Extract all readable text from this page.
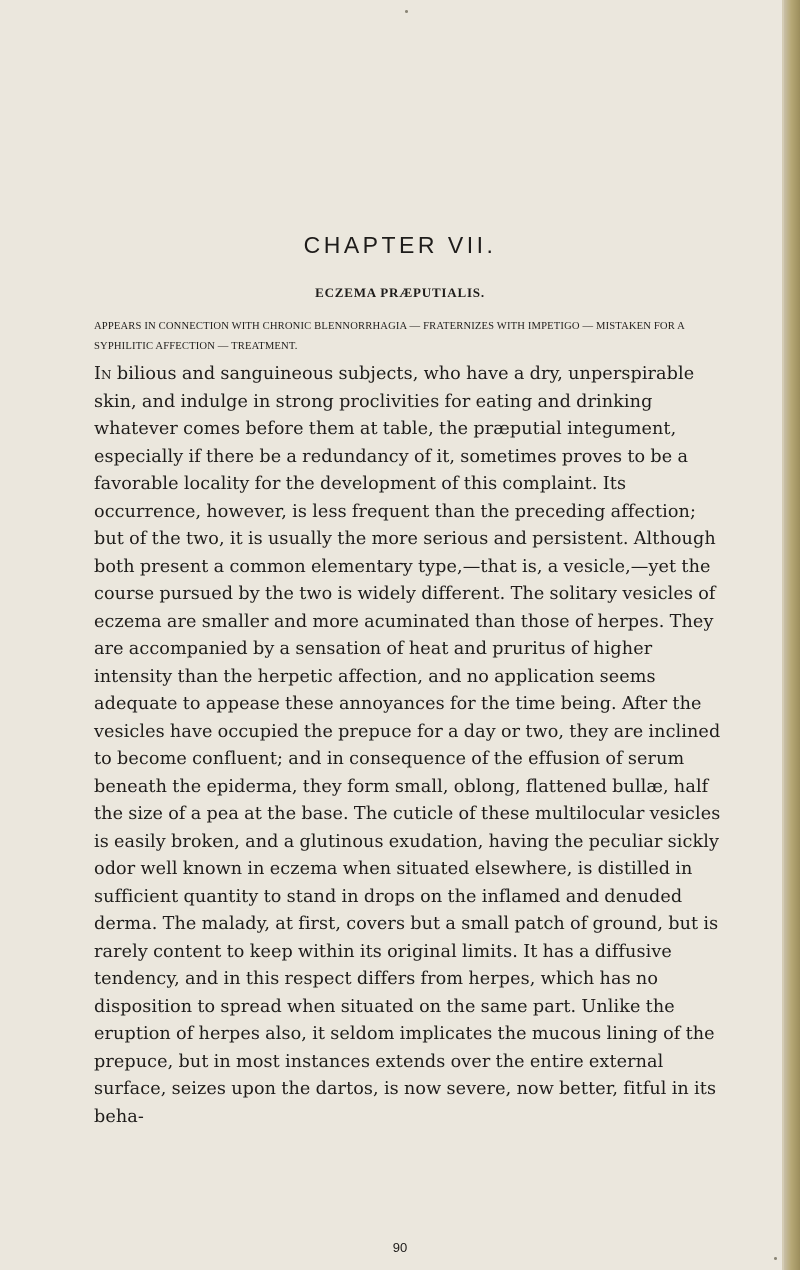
CHAPTER VII.
ECZEMA PRÆPUTIALIS.

APPEARS IN CONNECTION WITH CHRONIC BLENNORRHAGIA — FRATERNIZES WITH IMPETIGO — MISTAKEN FOR A SYPHILITIC AFFECTION — TREATMENT.

In bilious and sanguineous subjects, who have a dry, unperspirable skin, and indulge in strong proclivities for eating and drinking whatever comes before them at table, the præputial integument, especially if there be a redundancy of it, sometimes proves to be a favorable locality for the development of this complaint. Its occurrence, however, is less frequent than the preceding affection; but of the two, it is usually the more serious and persistent. Although both present a common elementary type,—that is, a vesicle,—yet the course pursued by the two is widely different. The solitary vesicles of eczema are smaller and more acuminated than those of herpes. They are accompanied by a sensation of heat and pruritus of higher intensity than the herpetic affection, and no application seems adequate to appease these annoyances for the time being. After the vesicles have occupied the prepuce for a day or two, they are inclined to become confluent; and in consequence of the effusion of serum beneath the epiderma, they form small, oblong, flattened bullæ, half the size of a pea at the base. The cuticle of these multilocular vesicles is easily broken, and a glutinous exudation, having the peculiar sickly odor well known in eczema when situated elsewhere, is distilled in sufficient quantity to stand in drops on the inflamed and denuded derma. The malady, at first, covers but a small patch of ground, but is rarely content to keep within its original limits. It has a diffusive tendency, and in this respect differs from herpes, which has no disposition to spread when situated on the same part. Unlike the eruption of herpes also, it seldom implicates the mucous lining of the prepuce, but in most instances extends over the entire external surface, seizes upon the dartos, is now severe, now better, fitful in its beha-

90
